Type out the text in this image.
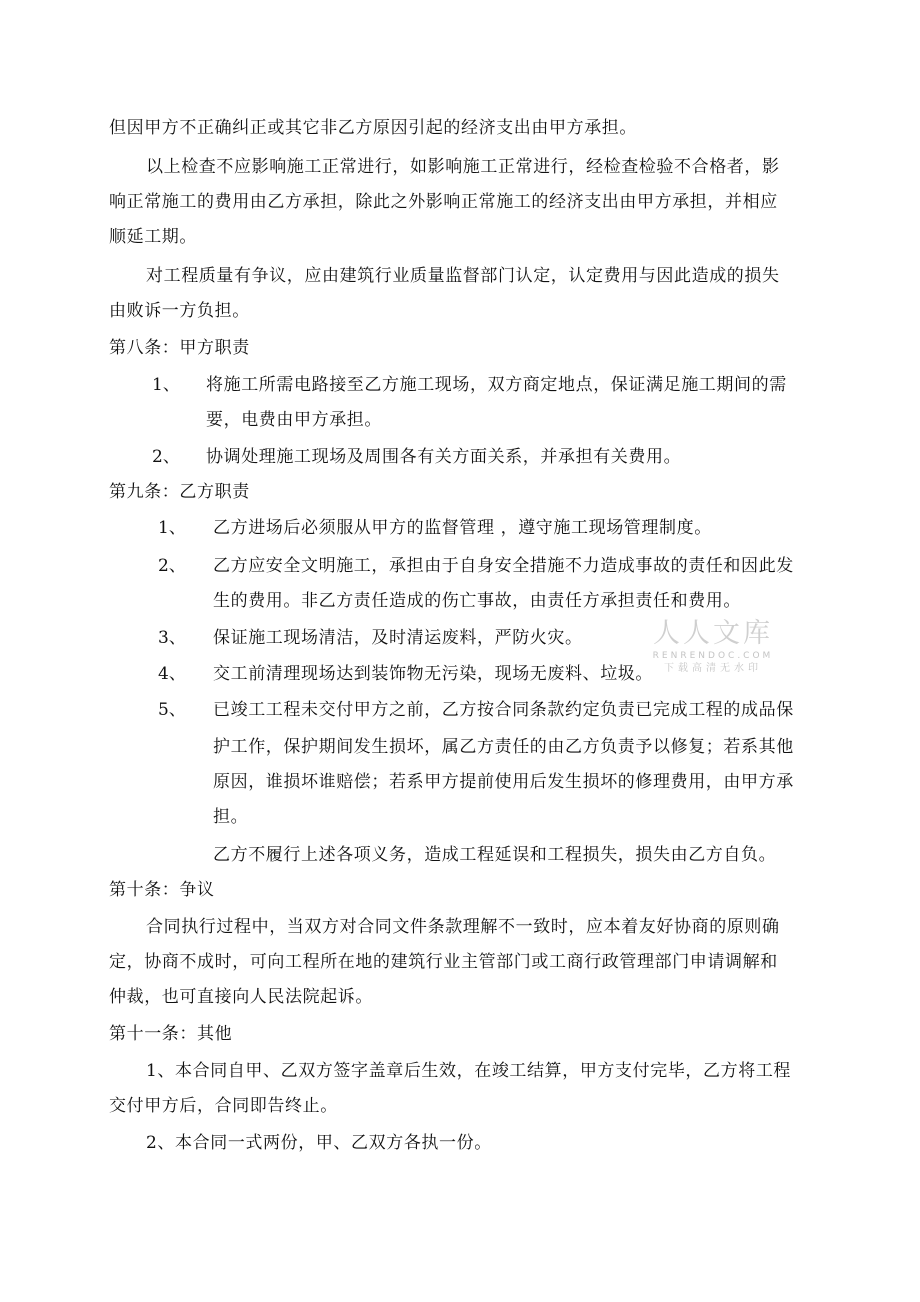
但因甲方不正确纠正或其它非乙方原因引起的经济支出由甲方承担。
以上检查不应影响施工正常进行，如影响施工正常进行，经检查检验不合格者，影
响正常施工的费用由乙方承担，除此之外影响正常施工的经济支出由甲方承担，并相应
顺延工期。
对工程质量有争议，应由建筑行业质量监督部门认定，认定费用与因此造成的损失
由败诉一方负担。
第八条：甲方职责
1、 将施工所需电路接至乙方施工现场，双方商定地点，保证满足施工期间的需
要，电费由甲方承担。
2、 协调处理施工现场及周围各有关方面关系，并承担有关费用。
第九条：乙方职责
1、 乙方进场后必须服从甲方的监督管理 ，遵守施工现场管理制度。
2、 乙方应安全文明施工，承担由于自身安全措施不力造成事故的责任和因此发
生的费用。非乙方责任造成的伤亡事故，由责任方承担责任和费用。
3、 保证施工现场清洁，及时清运废料，严防火灾。
4、 交工前清理现场达到装饰物无污染，现场无废料、垃圾。
5、 已竣工工程未交付甲方之前，乙方按合同条款约定负责已完成工程的成品保
护工作，保护期间发生损坏，属乙方责任的由乙方负责予以修复；若系其他
原因，谁损坏谁赔偿；若系甲方提前使用后发生损坏的修理费用，由甲方承
担。
乙方不履行上述各项义务，造成工程延误和工程损失，损失由乙方自负。
第十条：争议
合同执行过程中，当双方对合同文件条款理解不一致时，应本着友好协商的原则确
定，协商不成时，可向工程所在地的建筑行业主管部门或工商行政管理部门申请调解和
仲裁，也可直接向人民法院起诉。
第十一条：其他
1、本合同自甲、乙双方签字盖章后生效，在竣工结算，甲方支付完毕，乙方将工程
交付甲方后，合同即告终止。
2、本合同一式两份，甲、乙双方各执一份。
人人文库
RENRENDOC.COM
下载高清无水印
